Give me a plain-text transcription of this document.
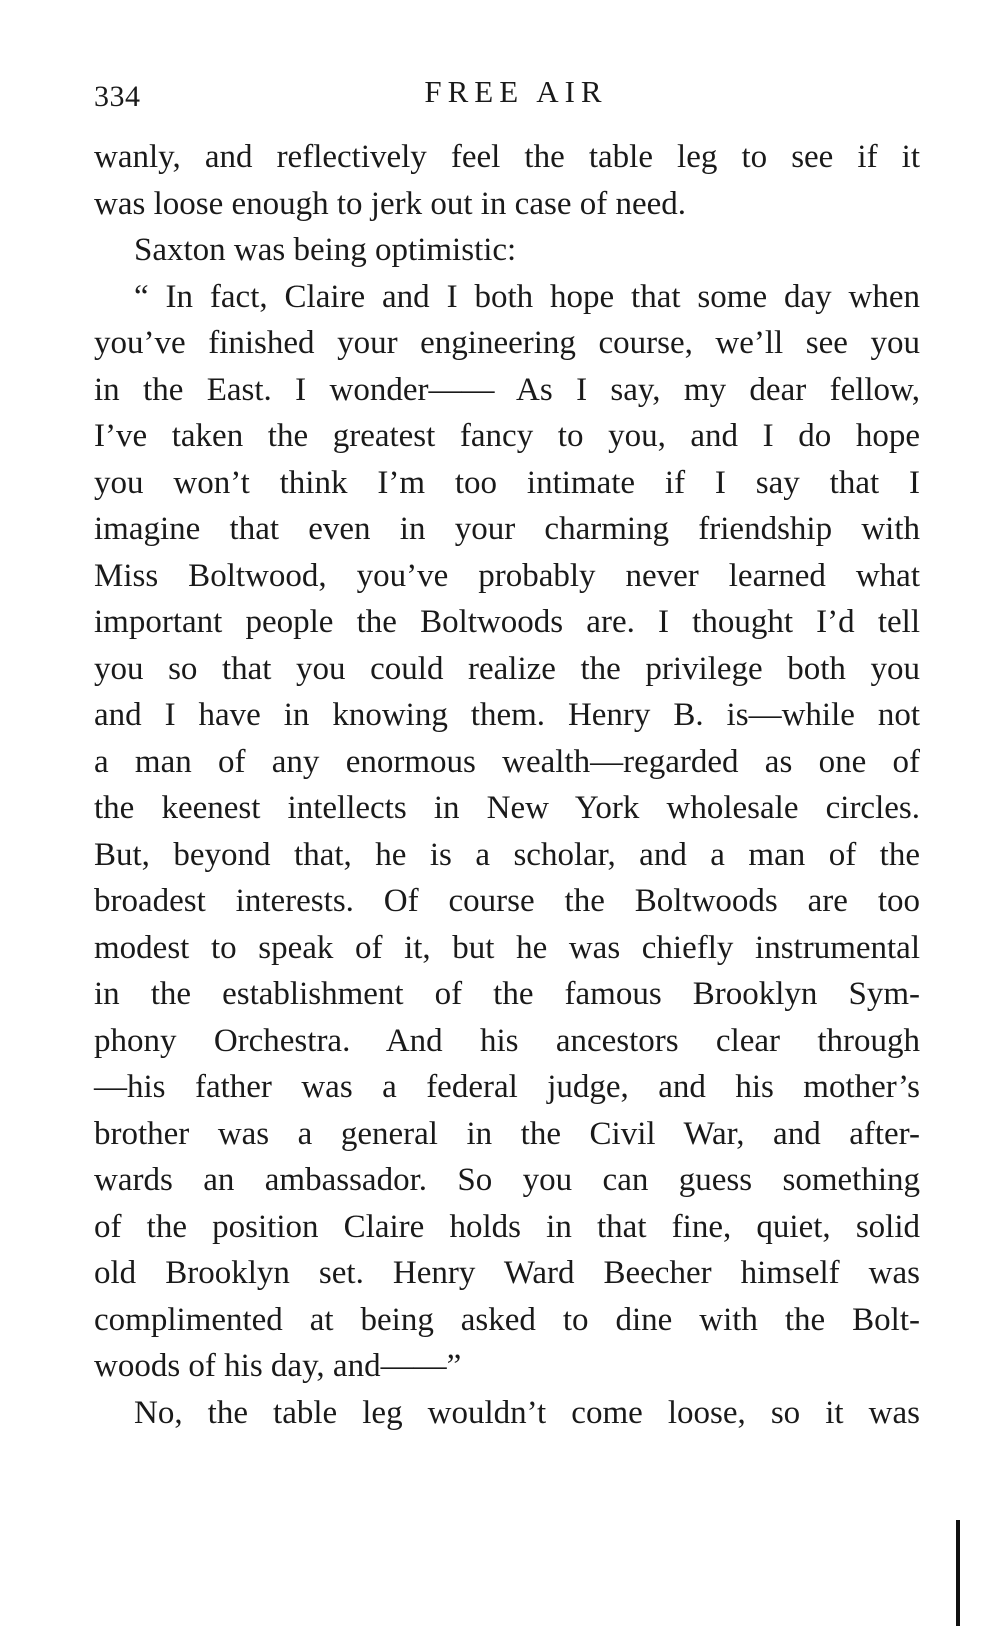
334	FREE AIR
wanly, and reflectively feel the table leg to see if it
was loose enough to jerk out in case of need.
Saxton was being optimistic:
“ In fact, Claire and I both hope that some day when
you’ve finished your engineering course, we’ll see you
in the East. I wonder—— As I say, my dear fellow,
I’ve taken the greatest fancy to you, and I do hope
you won’t think I’m too intimate if I say that I
imagine that even in your charming friendship with
Miss Boltwood, you’ve probably never learned what
important people the Boltwoods are. I thought I’d tell
you so that you could realize the privilege both you
and I have in knowing them. Henry B. is—while not
a man of any enormous wealth—regarded as one of
the keenest intellects in New York wholesale circles.
But, beyond that, he is a scholar, and a man of the
broadest interests. Of course the Boltwoods are too
modest to speak of it, but he was chiefly instrumental
in the establishment of the famous Brooklyn Sym-
phony Orchestra. And his ancestors clear through
—his father was a federal judge, and his mother’s
brother was a general in the Civil War, and after-
wards an ambassador. So you can guess something
of the position Claire holds in that fine, quiet, solid
old Brooklyn set. Henry Ward Beecher himself was
complimented at being asked to dine with the Bolt-
woods of his day, and——”
No, the table leg wouldn’t come loose, so it was
